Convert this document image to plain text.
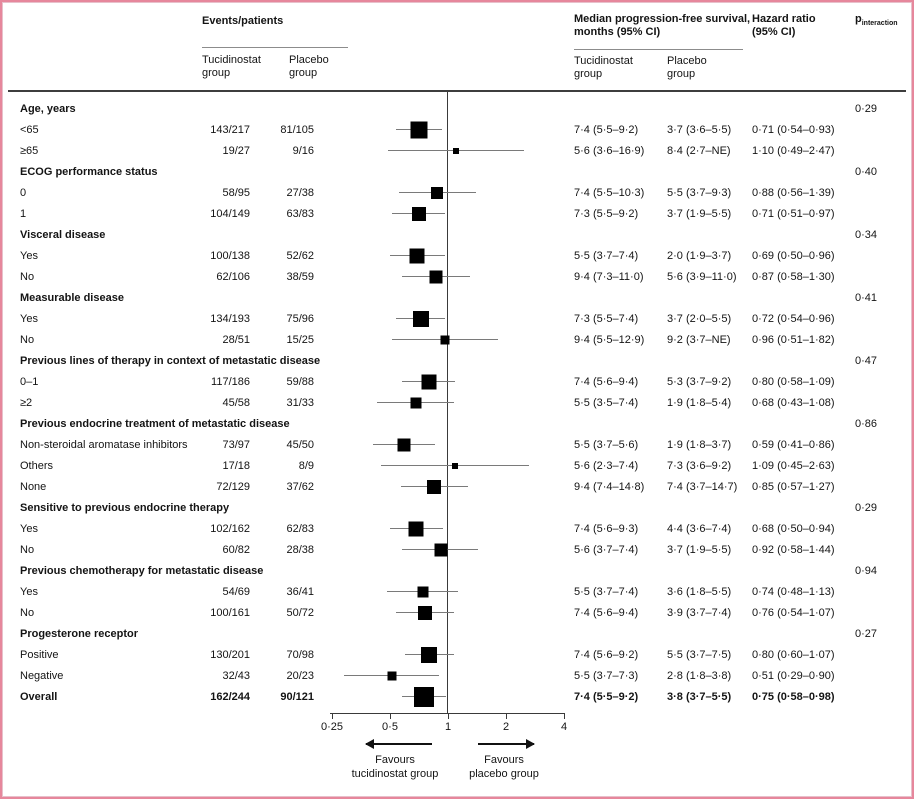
Events/patients
Tucidinostat group
Placebo group
Median progression-free survival, months (95% CI)
Tucidinostat group
Placebo group
Hazard ratio (95% CI)
$p_{interaction}$
Age, years	0·29
<65	143/217	81/105	7·4 (5·5–9·2)	3·7 (3·6–5·5)	0·71 (0·54–0·93)
≥65	19/27	9/16	5·6 (3·6–16·9)	8·4 (2·7–NE)	1·10 (0·49–2·47)
ECOG performance status	0·40
0	58/95	27/38	7·4 (5·5–10·3)	5·5 (3·7–9·3)	0·88 (0·56–1·39)
1	104/149	63/83	7·3 (5·5–9·2)	3·7 (1·9–5·5)	0·71 (0·51–0·97)
Visceral disease	0·34
Yes	100/138	52/62	5·5 (3·7–7·4)	2·0 (1·9–3·7)	0·69 (0·50–0·96)
No	62/106	38/59	9·4 (7·3–11·0)	5·6 (3·9–11·0)	0·87 (0·58–1·30)
Measurable disease	0·41
Yes	134/193	75/96	7·3 (5·5–7·4)	3·7 (2·0–5·5)	0·72 (0·54–0·96)
No	28/51	15/25	9·4 (5·5–12·9)	9·2 (3·7–NE)	0·96 (0·51–1·82)
Previous lines of therapy in context of metastatic disease	0·47
0–1	117/186	59/88	7·4 (5·6–9·4)	5·3 (3·7–9·2)	0·80 (0·58–1·09)
≥2	45/58	31/33	5·5 (3·5–7·4)	1·9 (1·8–5·4)	0·68 (0·43–1·08)
Previous endocrine treatment of metastatic disease	0·86
Non-steroidal aromatase inhibitors	73/97	45/50	5·5 (3·7–5·6)	1·9 (1·8–3·7)	0·59 (0·41–0·86)
Others	17/18	8/9	5·6 (2·3–7·4)	7·3 (3·6–9·2)	1·09 (0·45–2·63)
None	72/129	37/62	9·4 (7·4–14·8)	7·4 (3·7–14·7)	0·85 (0·57–1·27)
Sensitive to previous endocrine therapy	0·29
Yes	102/162	62/83	7·4 (5·6–9·3)	4·4 (3·6–7·4)	0·68 (0·50–0·94)
No	60/82	28/38	5·6 (3·7–7·4)	3·7 (1·9–5·5)	0·92 (0·58–1·44)
Previous chemotherapy for metastatic disease	0·94
Yes	54/69	36/41	5·5 (3·7–7·4)	3·6 (1·8–5·5)	0·74 (0·48–1·13)
No	100/161	50/72	7·4 (5·6–9·4)	3·9 (3·7–7·4)	0·76 (0·54–1·07)
Progesterone receptor	0·27
Positive	130/201	70/98	7·4 (5·6–9·2)	5·5 (3·7–7·5)	0·80 (0·60–1·07)
Negative	32/43	20/23	5·5 (3·7–7·3)	2·8 (1·8–3·8)	0·51 (0·29–0·90)
Overall	162/244	90/121	7·4 (5·5–9·2)	3·8 (3·7–5·5)	0·75 (0·58–0·98)
Favours
tucidinostat group
Favours
placebo group
0·25	0·5	1	2	4
